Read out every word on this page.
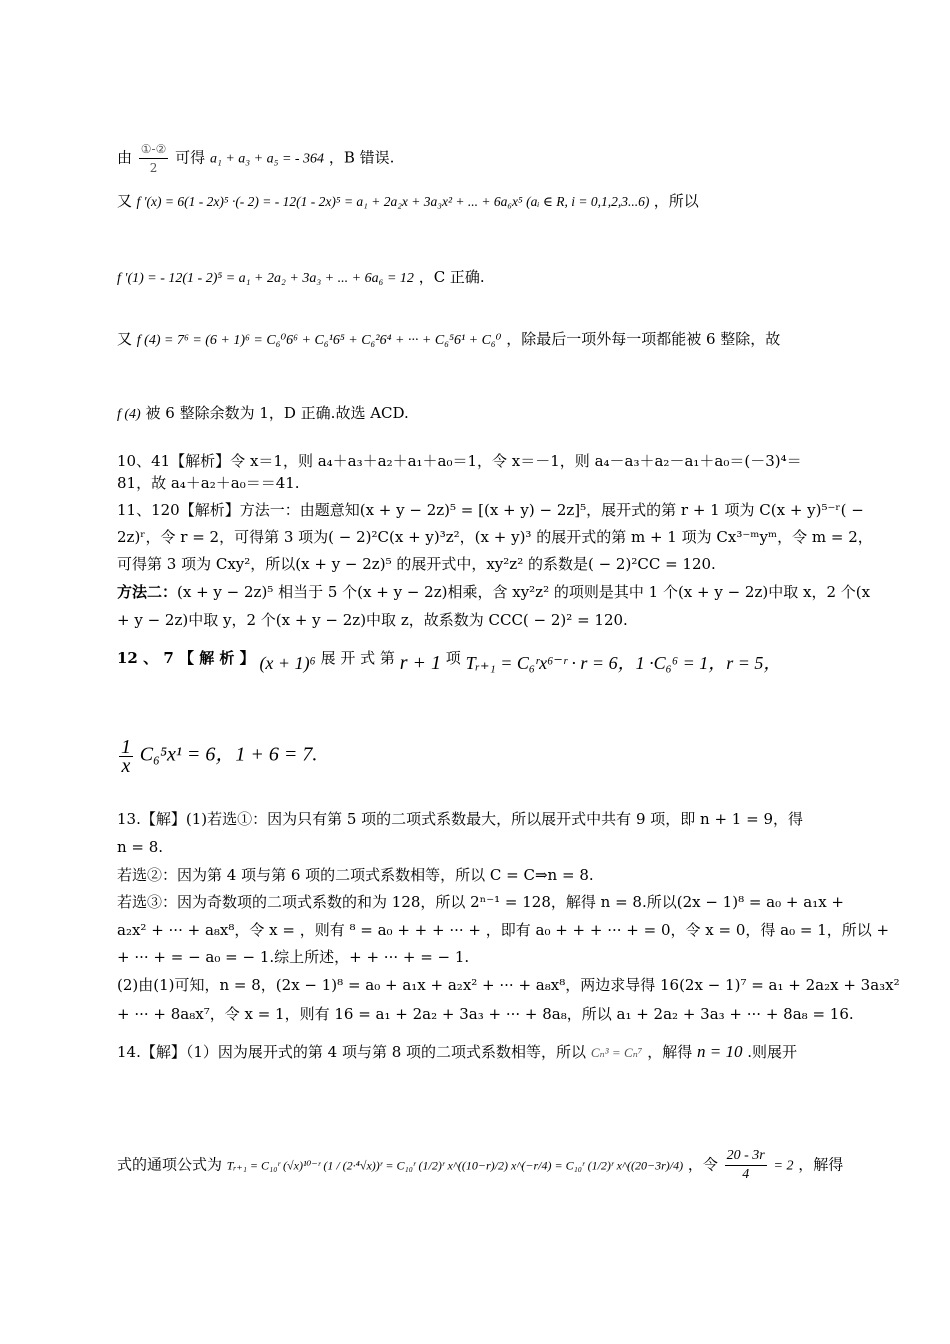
由 $\frac{\text{①-②}}{2}$ 可得 a₁ + a₃ + a₅ = - 364 ，B 错误.
又 f ′(x) = 6(1 - 2x)⁵ ·(- 2) = - 12(1 - 2x)⁵ = a₁ + 2a₂x + 3a₃x² + ... + 6a₆x⁵ (aᵢ ∈ R, i = 0,1,2,3...6) ，所以
f ′(1) = - 12(1 - 2)⁵ = a₁ + 2a₂ + 3a₃ + ... + 6a₆ = 12 ，C 正确.
又 f (4) = 7⁶ = (6 + 1)⁶ = C₆⁰6⁶ + C₆¹6⁵ + C₆²6⁴ + ··· + C₆⁵6¹ + C₆⁰ ，除最后一项外每一项都能被 6 整除，故
f (4) 被 6 整除余数为 1，D 正确.故选 ACD.
10、41【解析】令 x＝1，则 a₄＋a₃＋a₂＋a₁＋a₀＝1，令 x＝－1，则 a₄－a₃＋a₂－a₁＋a₀＝(－3)⁴＝
81，故 a₄＋a₂＋a₀＝＝41.
11、120【解析】方法一：由题意知(x + y − 2z)⁵ = [(x + y) − 2z]⁵，展开式的第 r + 1 项为 C(x + y)⁵⁻ʳ( −
2z)ʳ，令 r = 2，可得第 3 项为( − 2)²C(x + y)³z²，(x + y)³ 的展开式的第 m + 1 项为 Cx³⁻ᵐyᵐ，令 m = 2，
可得第 3 项为 Cxy²，所以(x + y − 2z)⁵ 的展开式中，xy²z² 的系数是( − 2)²CC = 120.
方法二：(x + y − 2z)⁵ 相当于 5 个(x + y − 2z)相乘，含 xy²z² 的项则是其中 1 个(x + y − 2z)中取 x，2 个(x
+ y − 2z)中取 y，2 个(x + y − 2z)中取 z，故系数为 CCC( − 2)² = 120.
12 、 7 【 解 析 】 (x + 1)⁶ 展 开 式 第 r + 1 项 Tᵣ₊₁ = C₆ʳx⁶⁻ʳ · r = 6，1 ·C₆⁶ = 1，r = 5，
$\frac{1}{x} C_6^5x^1 = 6$，1 + 6 = 7.
13.【解】(1)若选①：因为只有第 5 项的二项式系数最大，所以展开式中共有 9 项，即 n + 1 = 9，得
n = 8.
若选②：因为第 4 项与第 6 项的二项式系数相等，所以 C = C⇒n = 8.
若选③：因为奇数项的二项式系数的和为 128，所以 2ⁿ⁻¹ = 128，解得 n = 8.所以(2x − 1)⁸ = a₀ + a₁x +
a₂x² + ··· + a₈x⁸，令 x = ，则有 ⁸ = a₀ + + + ··· + ，即有 a₀ + + + ··· + = 0，令 x = 0，得 a₀ = 1，所以 +
+ ··· + = − a₀ = − 1.综上所述，+ + ··· + = − 1.
(2)由(1)可知，n = 8，(2x − 1)⁸ = a₀ + a₁x + a₂x² + ··· + a₈x⁸，两边求导得 16(2x − 1)⁷ = a₁ + 2a₂x + 3a₃x²
+ ··· + 8a₈x⁷，令 x = 1，则有 16 = a₁ + 2a₂ + 3a₃ + ··· + 8a₈，所以 a₁ + 2a₂ + 3a₃ + ··· + 8a₈ = 16.
14.【解】（1）因为展开式的第 4 项与第 8 项的二项式系数相等，所以 Cₙ³ = Cₙ⁷ ，解得 n = 10 .则展开
式的通项公式为 Tᵣ₊₁ = C₁₀ʳ (√x)¹⁰⁻ʳ (1 / (2·⁴√x))ʳ = C₁₀ʳ (1/2)ʳ x^((10−r)/2) x^(−r/4) = C₁₀ʳ (1/2)ʳ x^((20−3r)/4) ，令 $\frac{20 - 3r}{4} = 2$ ，解得
